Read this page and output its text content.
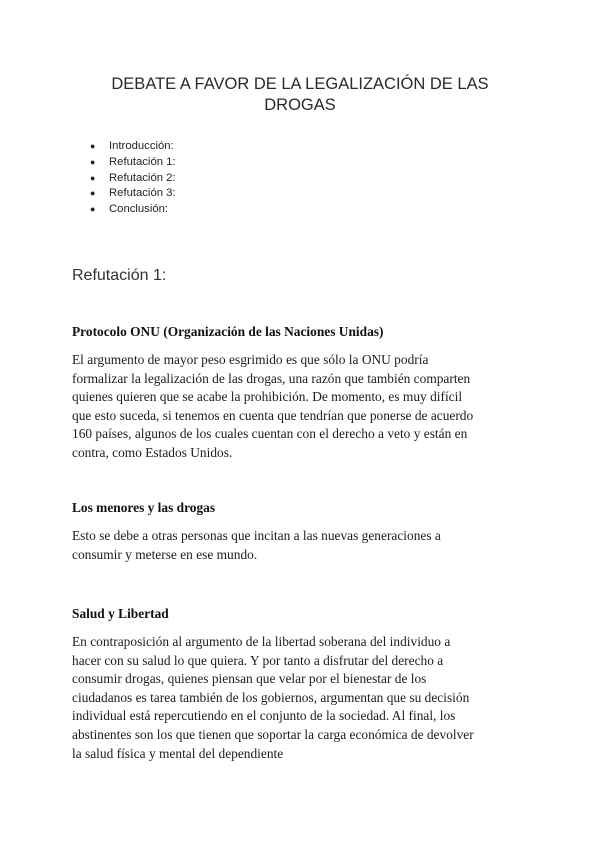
DEBATE A FAVOR DE LA LEGALIZACIÓN DE LAS
DROGAS
● Introducción:
● Refutación 1:
● Refutación 2:
● Refutación 3:
● Conclusión:
Refutación 1:
Protocolo ONU (Organización de las Naciones Unidas)

El argumento de mayor peso esgrimido es que sólo la ONU podría
formalizar la legalización de las drogas, una razón que también comparten
quienes quieren que se acabe la prohibición. De momento, es muy difícil
que esto suceda, si tenemos en cuenta que tendrían que ponerse de acuerdo
160 países, algunos de los cuales cuentan con el derecho a veto y están en
contra, como Estados Unidos.

Los menores y las drogas

Esto se debe a otras personas que incitan a las nuevas generaciones a
consumir y meterse en ese mundo.

Salud y Libertad

En contraposición al argumento de la libertad soberana del individuo a
hacer con su salud lo que quiera. Y por tanto a disfrutar del derecho a
consumir drogas, quienes piensan que velar por el bienestar de los
ciudadanos es tarea también de los gobiernos, argumentan que su decisión
individual está repercutiendo en el conjunto de la sociedad. Al final, los
abstinentes son los que tienen que soportar la carga económica de devolver
la salud física y mental del dependiente
